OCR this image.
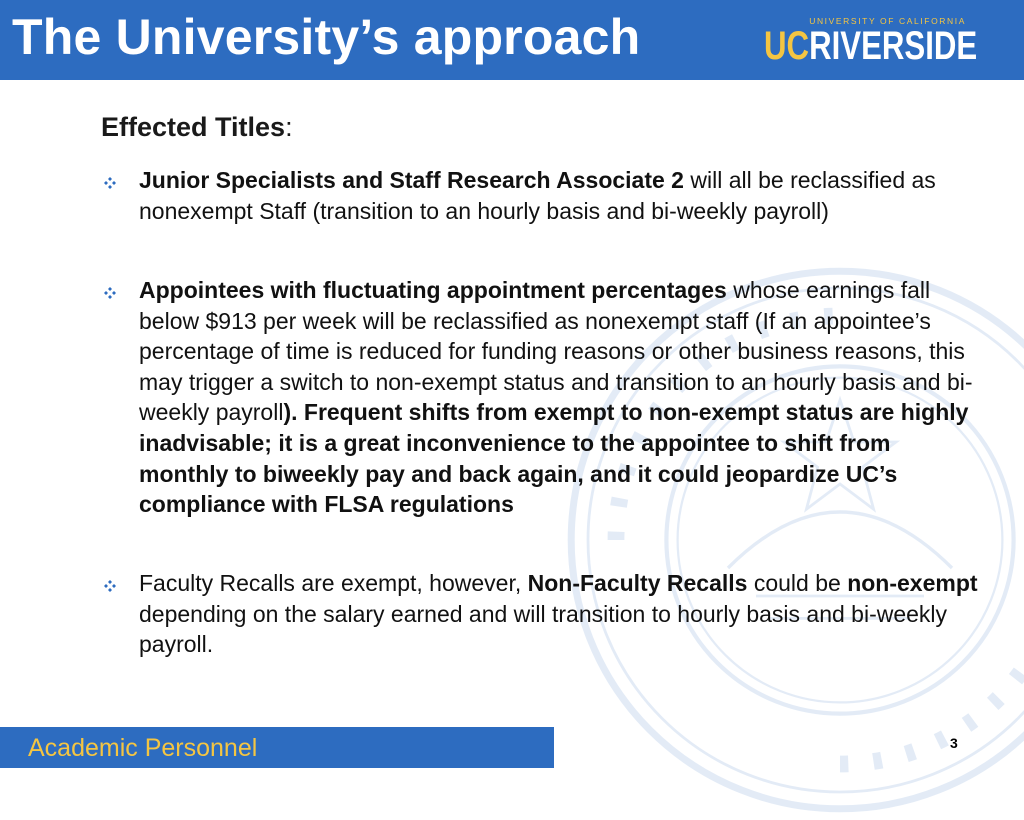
The University’s approach	UNIVERSITY OF CALIFORNIA
UCRIVERSIDE
Effected Titles:
Junior Specialists and Staff Research Associate 2 will all be reclassified as nonexempt Staff (transition to an hourly basis and bi-weekly payroll)
Appointees with fluctuating appointment percentages whose earnings fall below $913 per week will be reclassified as nonexempt staff (If an appointee’s percentage of time is reduced for funding reasons or other business reasons, this may trigger a switch to non-exempt status and transition to an hourly basis and bi-weekly payroll). Frequent shifts from exempt to non-exempt status are highly inadvisable; it is a great inconvenience to the appointee to shift from monthly to biweekly pay and back again, and it could jeopardize UC’s compliance with FLSA regulations
Faculty Recalls are exempt, however, Non-Faculty Recalls could be non-exempt depending on the salary earned and will transition to hourly basis and bi-weekly payroll.
Academic Personnel	3
